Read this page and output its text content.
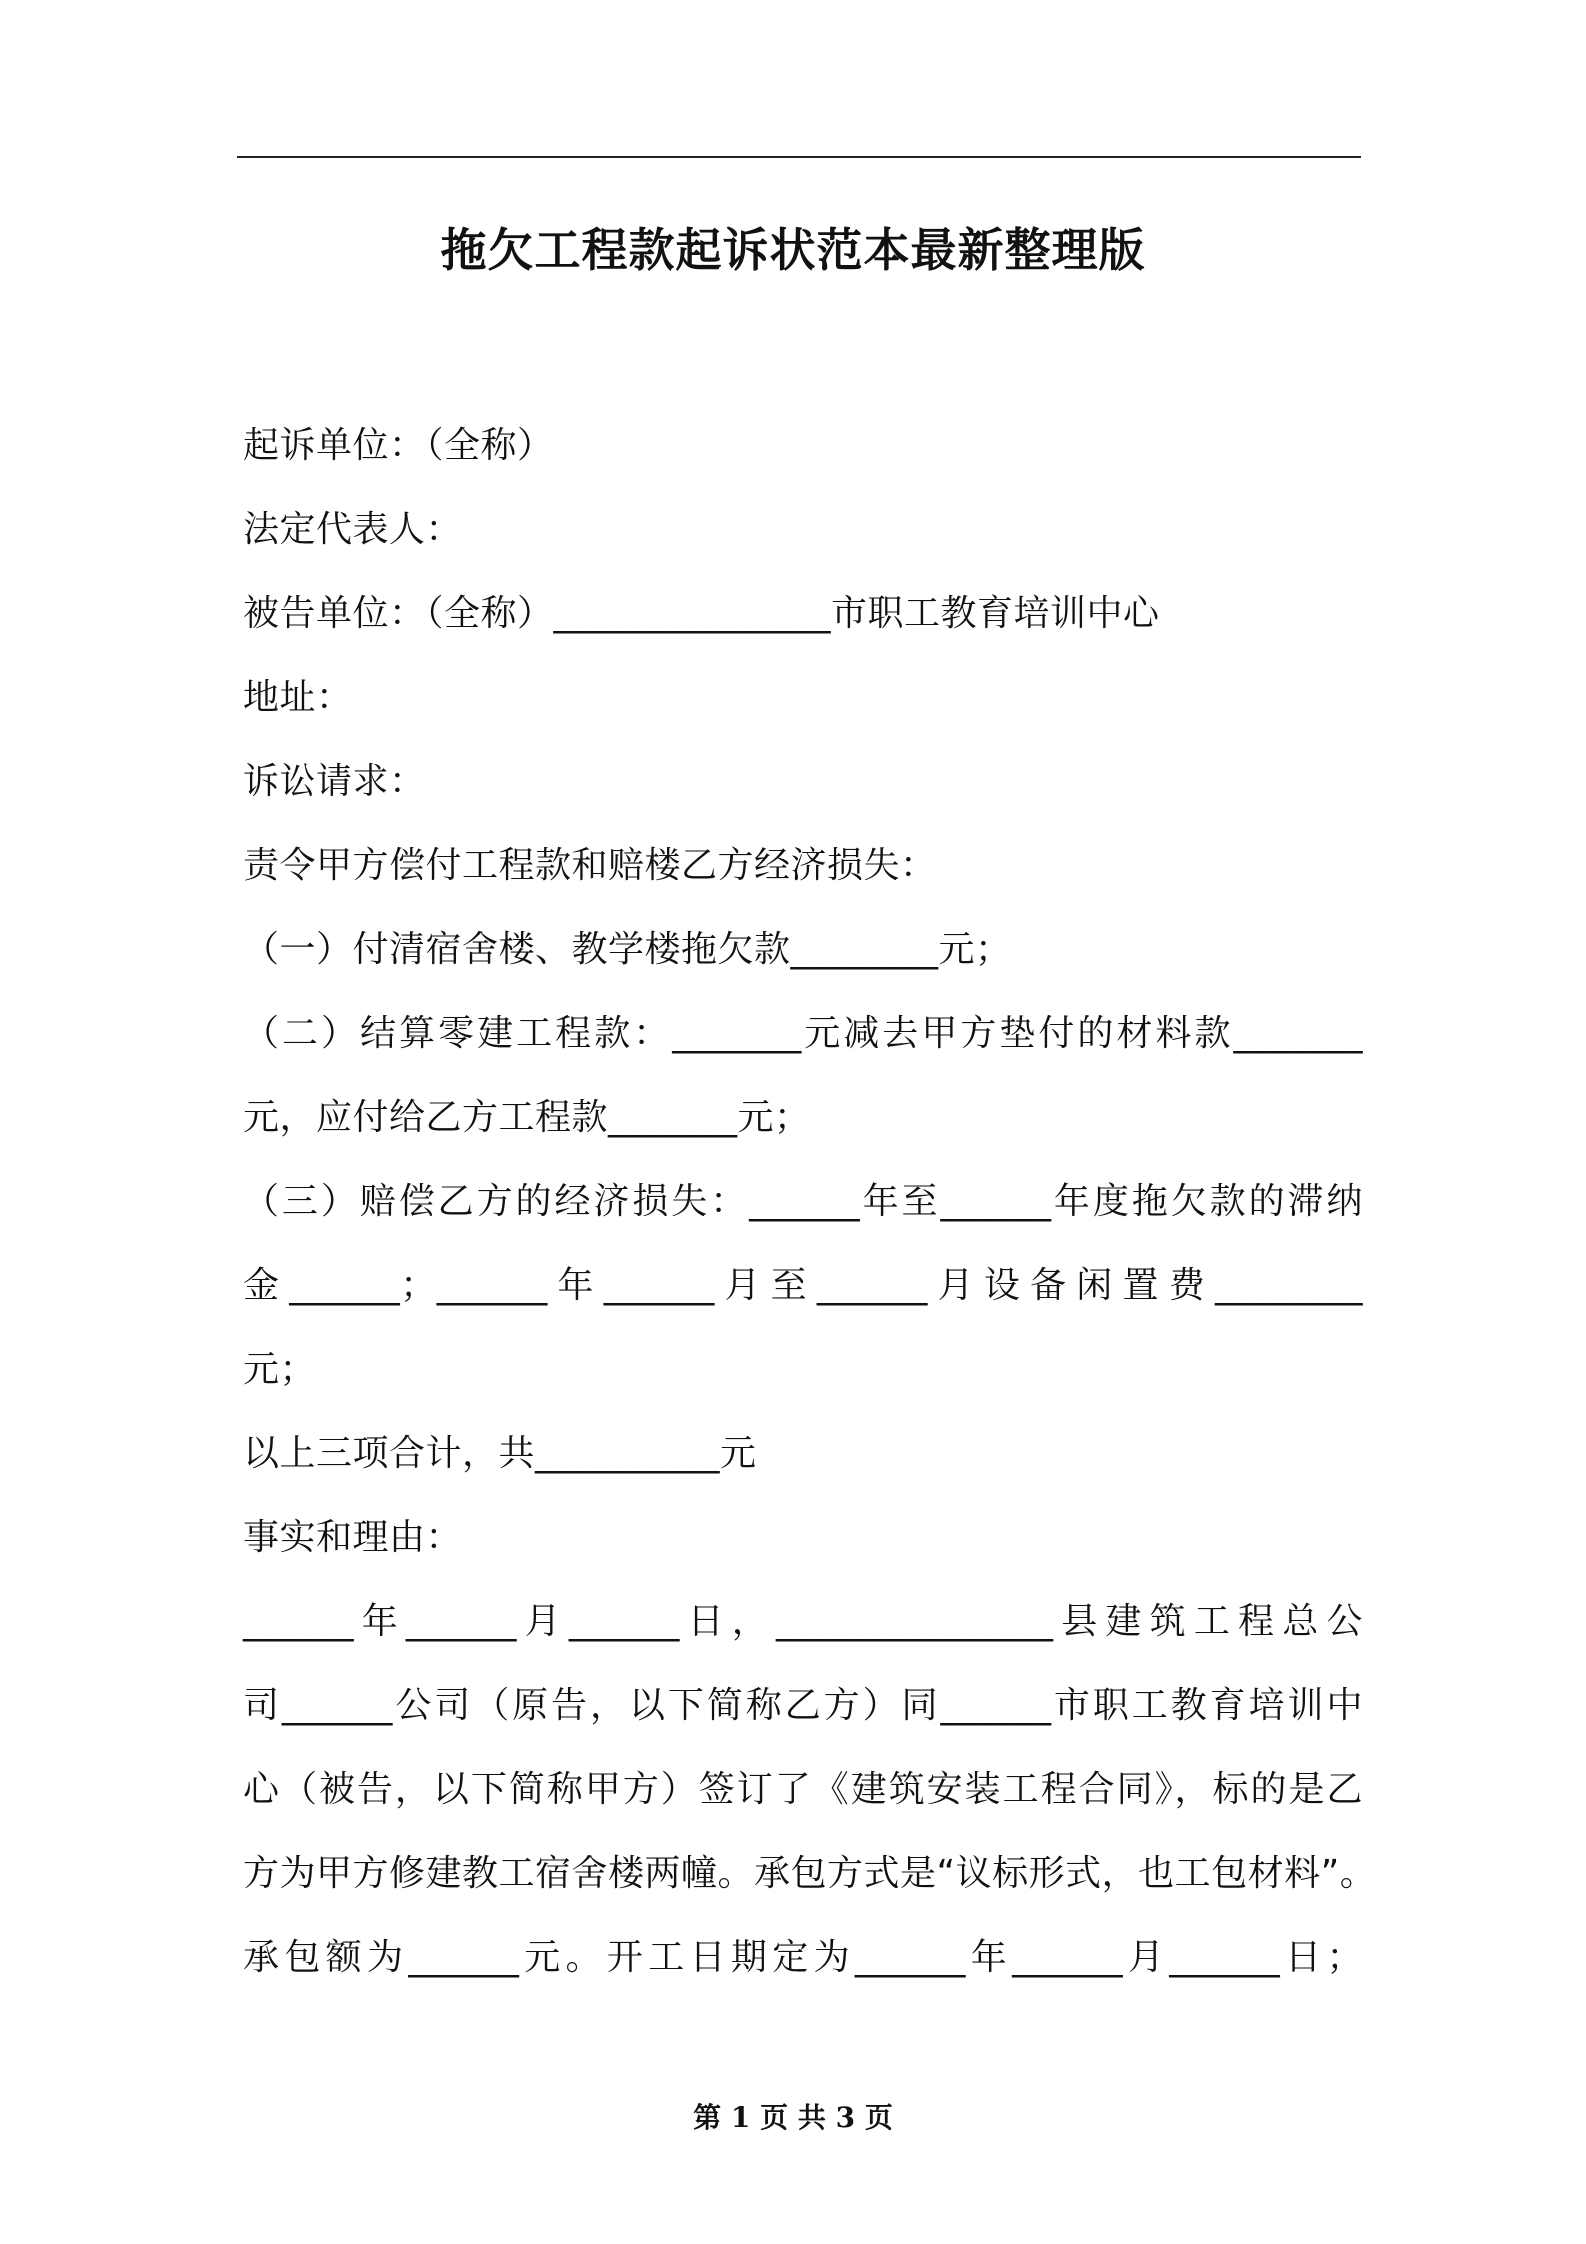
拖欠工程款起诉状范本最新整理版
起诉单位：（全称）
法定代表人：
被告单位：（全称）_______________市职工教育培训中心
地址：
诉讼请求：
责令甲方偿付工程款和赔楼乙方经济损失：
（一）付清宿舍楼、教学楼拖欠款________元；
（二）结算零建工程款：_______元减去甲方垫付的材料款_______
元，应付给乙方工程款_______元；
（三）赔偿乙方的经济损失：______年至______年度拖欠款的滞纳
金______；______年______月至______月设备闲置费________
元；
以上三项合计，共__________元
事实和理由：
______年______月______日，_______________县建筑工程总公
司______公司（原告，以下简称乙方）同______市职工教育培训中
心（被告，以下简称甲方）签订了《建筑安装工程合同》，标的是乙
方为甲方修建教工宿舍楼两幢。承包方式是“议标形式，也工包材料”。
承包额为______元。开工日期定为______年______月______日；
第 1 页 共 3 页
